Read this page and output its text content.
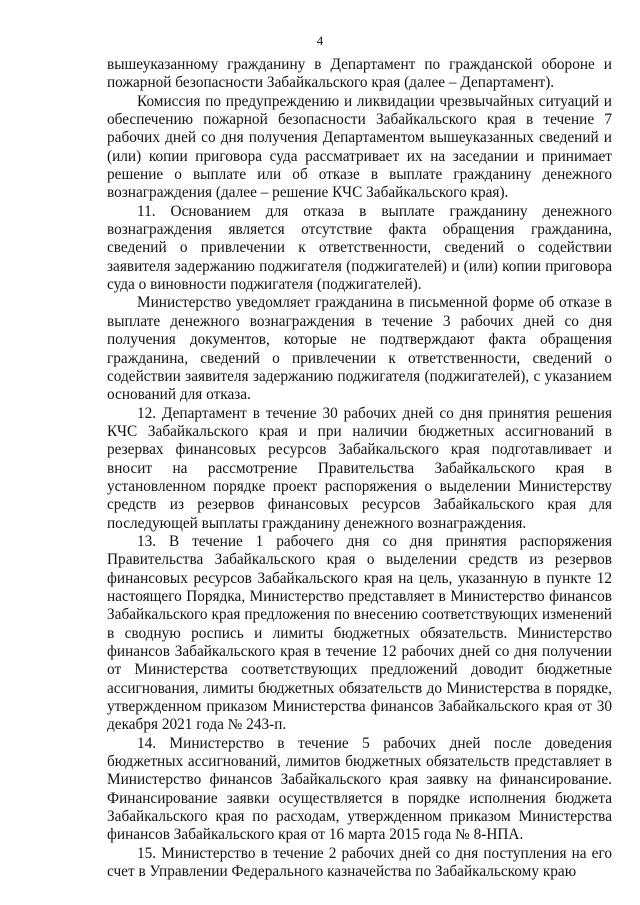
4

вышеуказанному гражданину в Департамент по гражданской обороне и пожарной безопасности Забайкальского края (далее – Департамент).

Комиссия по предупреждению и ликвидации чрезвычайных ситуаций и обеспечению пожарной безопасности Забайкальского края в течение 7 рабочих дней со дня получения Департаментом вышеуказанных сведений и (или) копии приговора суда рассматривает их на заседании и принимает решение о выплате или об отказе в выплате гражданину денежного вознаграждения (далее – решение КЧС Забайкальского края).

11. Основанием для отказа в выплате гражданину денежного вознаграждения является отсутствие факта обращения гражданина, сведений о привлечении к ответственности, сведений о содействии заявителя задержанию поджигателя (поджигателей) и (или) копии приговора суда о виновности поджигателя (поджигателей).

Министерство уведомляет гражданина в письменной форме об отказе в выплате денежного вознаграждения в течение 3 рабочих дней со дня получения документов, которые не подтверждают факта обращения гражданина, сведений о привлечении к ответственности, сведений о содействии заявителя задержанию поджигателя (поджигателей), с указанием оснований для отказа.

12. Департамент в течение 30 рабочих дней со дня принятия решения КЧС Забайкальского края и при наличии бюджетных ассигнований в резервах финансовых ресурсов Забайкальского края подготавливает и вносит на рассмотрение Правительства Забайкальского края в установленном порядке проект распоряжения о выделении Министерству средств из резервов финансовых ресурсов Забайкальского края для последующей выплаты гражданину денежного вознаграждения.

13. В течение 1 рабочего дня со дня принятия распоряжения Правительства Забайкальского края о выделении средств из резервов финансовых ресурсов Забайкальского края на цель, указанную в пункте 12 настоящего Порядка, Министерство представляет в Министерство финансов Забайкальского края предложения по внесению соответствующих изменений в сводную роспись и лимиты бюджетных обязательств. Министерство финансов Забайкальского края в течение 12 рабочих дней со дня получении от Министерства соответствующих предложений доводит бюджетные ассигнования, лимиты бюджетных обязательств до Министерства в порядке, утвержденном приказом Министерства финансов Забайкальского края от 30 декабря 2021 года № 243-п.

14. Министерство в течение 5 рабочих дней после доведения бюджетных ассигнований, лимитов бюджетных обязательств представляет в Министерство финансов Забайкальского края заявку на финансирование. Финансирование заявки осуществляется в порядке исполнения бюджета Забайкальского края по расходам, утвержденном приказом Министерства финансов Забайкальского края от 16 марта 2015 года № 8-НПА.

15. Министерство в течение 2 рабочих дней со дня поступления на его счет в Управлении Федерального казначейства по Забайкальскому краю
